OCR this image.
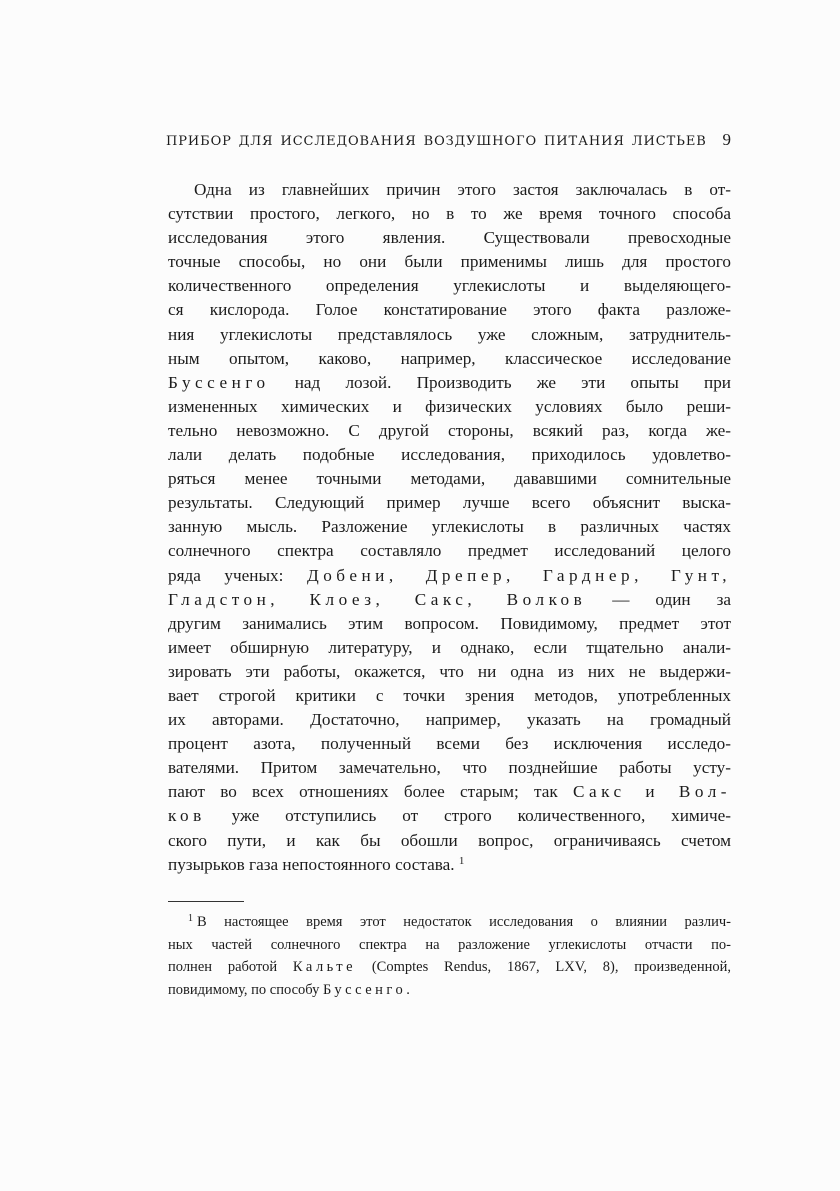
ПРИБОР ДЛЯ ИССЛЕДОВАНИЯ ВОЗДУШНОГО ПИТАНИЯ ЛИСТЬЕВ 9
Одна из главнейших причин этого застоя заключалась в от-
сутствии простого, легкого, но в то же время точного способа
исследования этого явления. Существовали превосходные
точные способы, но они были применимы лишь для простого
количественного определения углекислоты и выделяющего-
ся кислорода. Голое констатирование этого факта разложе-
ния углекислоты представлялось уже сложным, затруднитель-
ным опытом, каково, например, классическое исследование
Буссенго над лозой. Производить же эти опыты при
измененных химических и физических условиях было реши-
тельно невозможно. С другой стороны, всякий раз, когда же-
лали делать подобные исследования, приходилось удовлетво-
ряться менее точными методами, дававшими сомнительные
результаты. Следующий пример лучше всего объяснит выска-
занную мысль. Разложение углекислоты в различных частях
солнечного спектра составляло предмет исследований целого
ряда ученых: Добени, Дрепер, Гарднер, Гунт,
Гладстон, Клоез, Сакс, Волков — один за
другим занимались этим вопросом. Повидимому, предмет этот
имеет обширную литературу, и однако, если тщательно анали-
зировать эти работы, окажется, что ни одна из них не выдержи-
вает строгой критики с точки зрения методов, употребленных
их авторами. Достаточно, например, указать на громадный
процент азота, полученный всеми без исключения исследо-
вателями. Притом замечательно, что позднейшие работы усту-
пают во всех отношениях более старым; так Сакс и Вол-
ков уже отступились от строго количественного, химиче-
ского пути, и как бы обошли вопрос, ограничиваясь счетом
пузырьков газа непостоянного состава. $^1$
$^1$ В настоящее время этот недостаток исследования о влиянии различ-
ных частей солнечного спектра на разложение углекислоты отчасти по-
полнен работой Кальте (Comptes Rendus, 1867, LXV, 8), произведенной,
повидимому, по способу Буссенго.
